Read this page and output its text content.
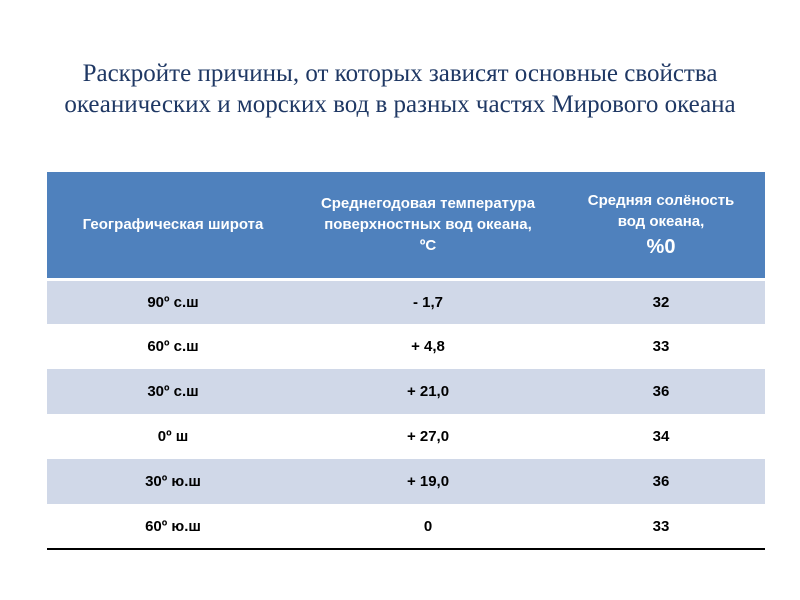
Раскройте причины, от которых зависят основные свойства океанических и морских вод в разных частях Мирового океана
Географическая широта	Среднегодовая температура поверхностных вод океана, ºС	Средняя солёность вод океана,
%0

90º с.ш	- 1,7	32
60º с.ш	+ 4,8	33
30º с.ш	+ 21,0	36
0º ш	+ 27,0	34
30º ю.ш	+ 19,0	36
60º ю.ш	0	33
